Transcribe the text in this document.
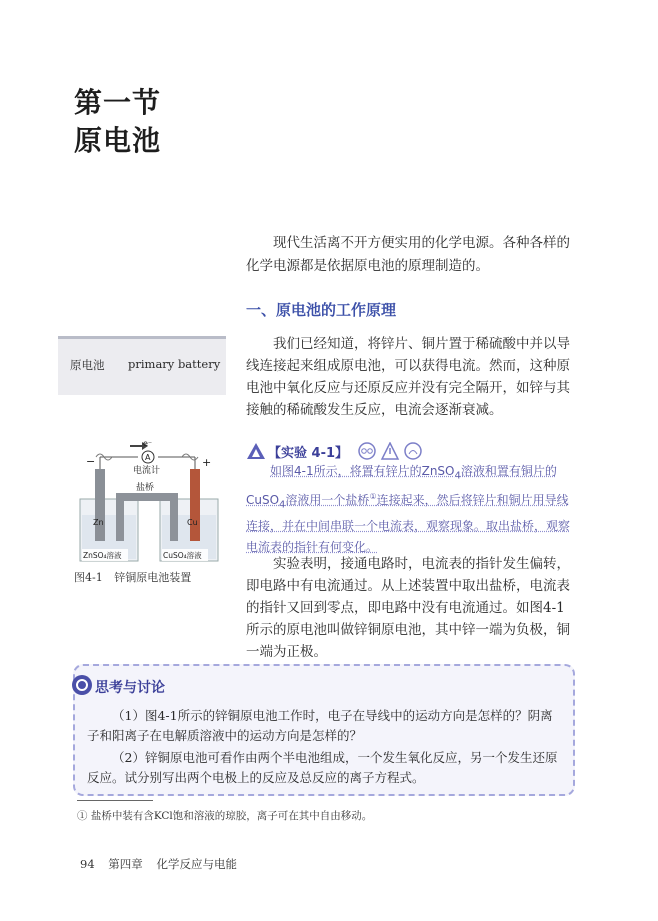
第一节
原电池
现代生活离不开方便实用的化学电源。各种各样的化学电源都是依据原电池的原理制造的。
一、原电池的工作原理
原电池 primary battery
我们已经知道，将锌片、铜片置于稀硫酸中并以导线连接起来组成原电池，可以获得电流。然而，这种原电池中氧化反应与还原反应并没有完全隔开，如锌与其接触的稀硫酸发生反应，电流会逐渐衰减。
【实验 4-1】
如图4-1所示，将置有锌片的ZnSO$_4$溶液和置有铜片的CuSO$_4$溶液用一个盐桥①连接起来，然后将锌片和铜片用导线连接，并在中间串联一个电流表，观察现象。取出盐桥，观察电流表的指针有何变化。
e⁻
A
电流计
−	+
盐桥
Zn	Cu
ZnSO₄溶液	CuSO₄溶液
图4-1 锌铜原电池装置
实验表明，接通电路时，电流表的指针发生偏转，即电路中有电流通过。从上述装置中取出盐桥，电流表的指针又回到零点，即电路中没有电流通过。如图4-1所示的原电池叫做锌铜原电池，其中锌一端为负极，铜一端为正极。
思考与讨论
（1）图4-1所示的锌铜原电池工作时，电子在导线中的运动方向是怎样的？阴离子和阳离子在电解质溶液中的运动方向是怎样的？
（2）锌铜原电池可看作由两个半电池组成，一个发生氧化反应，另一个发生还原反应。试分别写出两个电极上的反应及总反应的离子方程式。
① 盐桥中装有含KCl饱和溶液的琼胶，离子可在其中自由移动。
94 第四章 化学反应与电能
